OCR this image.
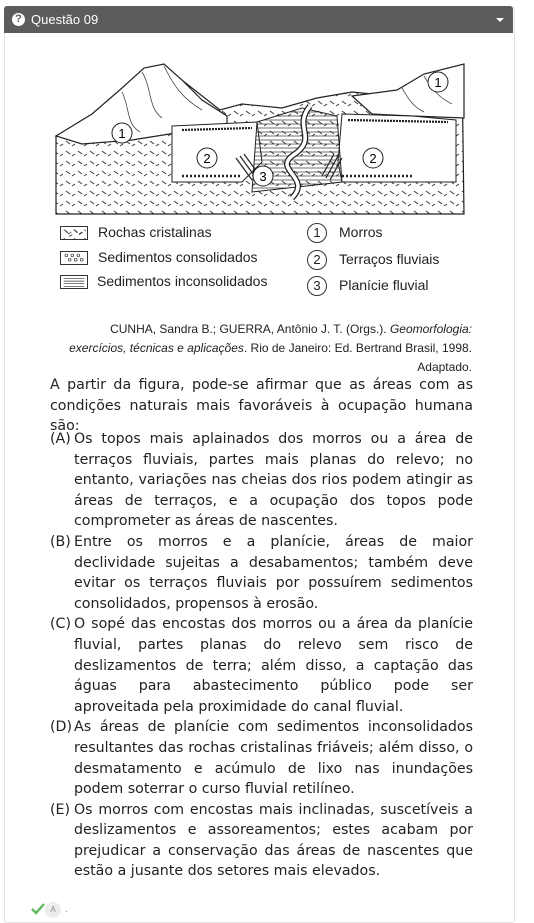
? Questão 09
1
1
2	2
3
Rochas cristalinas
Sedimentos consolidados
Sedimentos inconsolidados
1	Morros
2	Terraços fluviais
3	Planície fluvial
CUNHA, Sandra B.; GUERRA, Antônio J. T. (Orgs.). Geomorfologia: exercícios, técnicas e aplicações. Rio de Janeiro: Ed. Bertrand Brasil, 1998. Adaptado.
A partir da figura, pode-se afirmar que as áreas com as condições naturais mais favoráveis à ocupação humana são:
(A) Os topos mais aplainados dos morros ou a área de terraços fluviais, partes mais planas do relevo; no entanto, variações nas cheias dos rios podem atingir as áreas de terraços, e a ocupação dos topos pode comprometer as áreas de nascentes.
(B) Entre os morros e a planície, áreas de maior declividade sujeitas a desabamentos; também deve evitar os terraços fluviais por possuírem sedimentos consolidados, propensos à erosão.
(C) O sopé das encostas dos morros ou a área da planície fluvial, partes planas do relevo sem risco de deslizamentos de terra; além disso, a captação das águas para abastecimento público pode ser aproveitada pela proximidade do canal fluvial.
(D) As áreas de planície com sedimentos inconsolidados resultantes das rochas cristalinas friáveis; além disso, o desmatamento e acúmulo de lixo nas inundações podem soterrar o curso fluvial retilíneo.
(E) Os morros com encostas mais inclinadas, suscetíveis a deslizamentos e assoreamentos; estes acabam por prejudicar a conservação das áreas de nascentes que estão a jusante dos setores mais elevados.
A .
